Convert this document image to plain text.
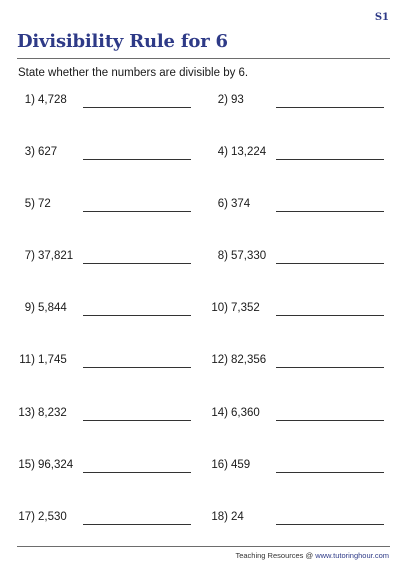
S1
Divisibility Rule for 6
State whether the numbers are divisible by 6.
1) 4,728	2) 93
3) 627	4) 13,224
5) 72	6) 374
7) 37,821	8) 57,330
9) 5,844	10) 7,352
11) 1,745	12) 82,356
13) 8,232	14) 6,360
15) 96,324	16) 459
17) 2,530	18) 24
Teaching Resources @ www.tutoringhour.com
